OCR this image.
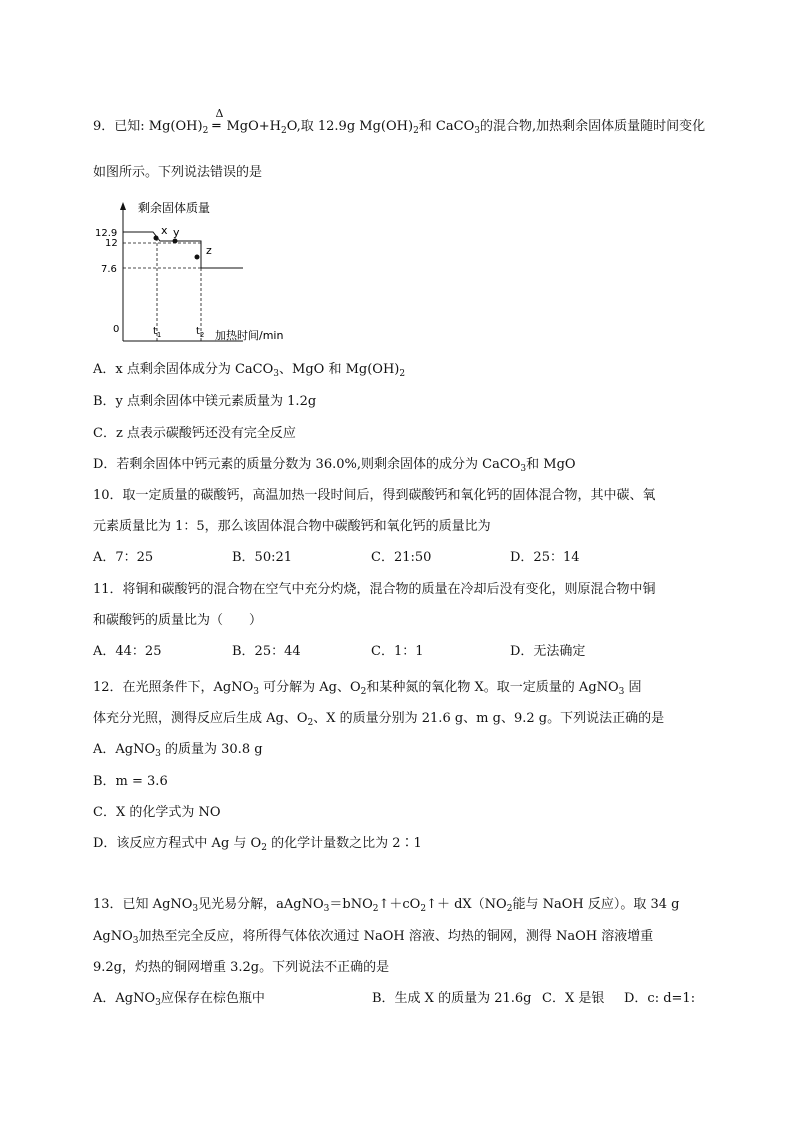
9．已知: $Mg(OH)_2$
Δ
═ $MgO+H_2O$,取 12.9g $Mg(OH)_2$和 CaCO$_3$的混合物,加热剩余固体质量随时间变化
如图所示。下列说法错误的是
剩余固体质量
加热时间/min
0
12.9
12
7.6
$t_1$	$t_2$
x y
z
A．x 点剩余固体成分为 CaCO$_3$、MgO 和 $Mg(OH)_2$
B．y 点剩余固体中镁元素质量为 1.2g
C．z 点表示碳酸钙还没有完全反应
D．若剩余固体中钙元素的质量分数为 36.0%,则剩余固体的成分为 CaCO$_3$和 MgO
10．取一定质量的碳酸钙，高温加热一段时间后，得到碳酸钙和氧化钙的固体混合物，其中碳、氧
元素质量比为 1：5，那么该固体混合物中碳酸钙和氧化钙的质量比为
A．7：25	B．50:21	C．21:50	D．25：14
11．将铜和碳酸钙的混合物在空气中充分灼烧，混合物的质量在冷却后没有变化，则原混合物中铜
和碳酸钙的质量比为（　　）
A．44：25	B．25：44	C．1：1	D．无法确定
12．在光照条件下，AgNO$_3$ 可分解为 Ag、$O_2$和某种氮的氧化物 X。取一定质量的 AgNO$_3$ 固
体充分光照，测得反应后生成 Ag、$O_2$、X 的质量分别为 21.6 g、m g、9.2 g。下列说法正确的是
A．AgNO$_3$ 的质量为 30.8 g
B．m = 3.6
C．X 的化学式为 NO
D．该反应方程式中 Ag 与 $O_2$ 的化学计量数之比为 2∶1
13．已知 AgNO$_3$见光易分解，$aAgNO_3=bNO_2↑+cO_2↑+ dX(NO_2$能与 NaOH 反应）。取 34 g
AgNO$_3$加热至完全反应，将所得气体依次通过 NaOH 溶液、均热的铜网，测得 NaOH 溶液增重
9.2g，灼热的铜网增重 3.2g。下列说法不正确的是
A．AgNO$_3$应保存在棕色瓶中	B．生成 X 的质量为 21.6g C．X 是银 D．c: d=1:
